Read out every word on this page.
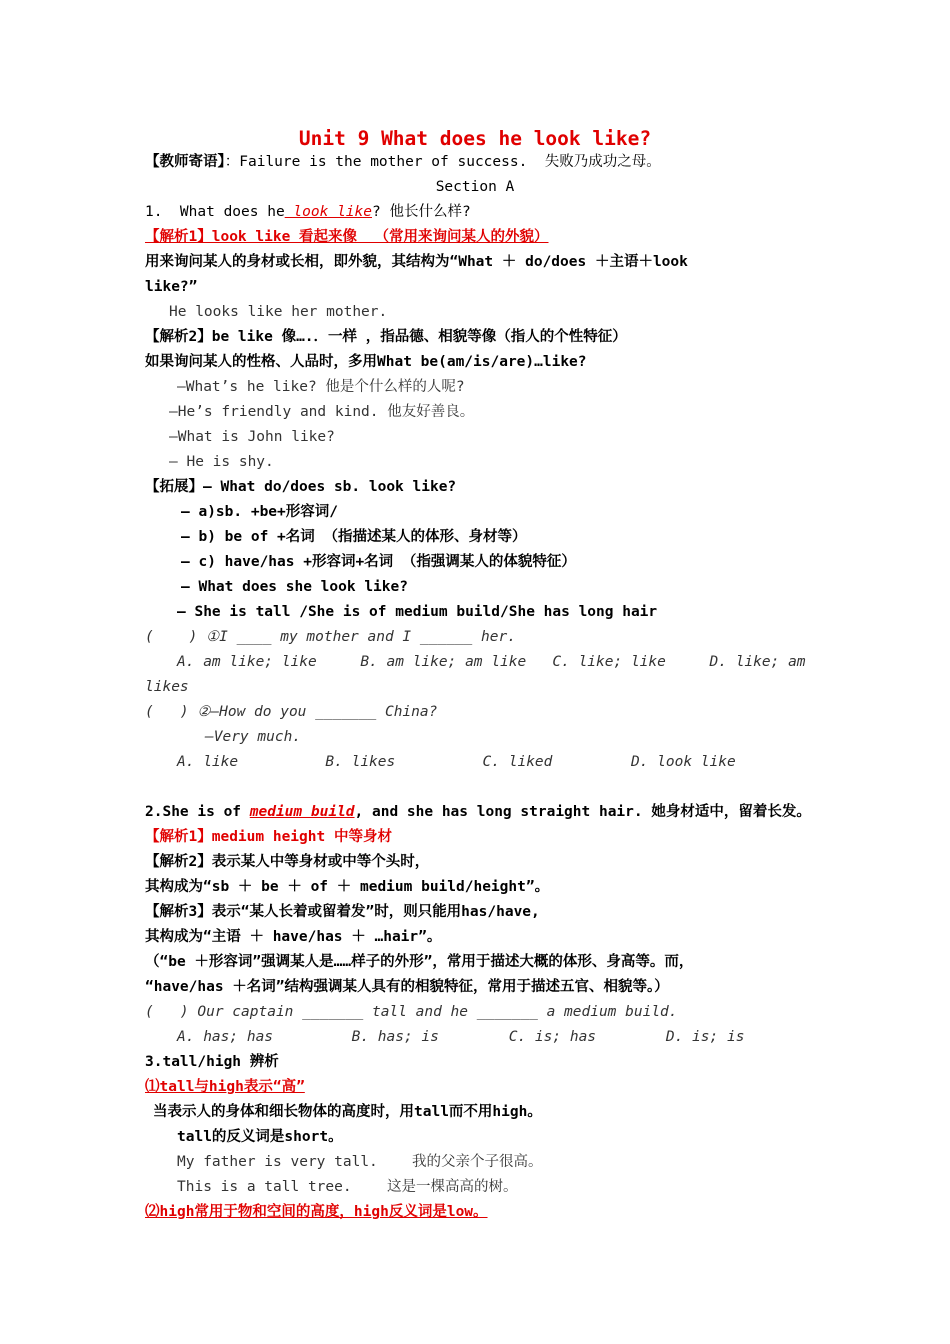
Unit 9 What does he look like?
【教师寄语】：Failure is the mother of success.  失败乃成功之母。
Section A
1.  What does he look like? 他长什么样?
【解析1】look like 看起来像  （常用来询问某人的外貌）
用来询问某人的身材或长相，即外貌，其结构为“What ＋ do/does ＋主语＋look
like?”
He looks like her mother.
【解析2】be like 像….．一样 ，指品德、相貌等像（指人的个性特征）
如果询问某人的性格、人品时，多用What be(am/is/are)…like?
—What’s he like? 他是个什么样的人呢?
—He’s friendly and kind. 他友好善良。
—What is John like?
— He is shy.
【拓展】— What do/does sb. look like?
— a)sb. +be+形容词/
— b) be of +名词 （指描述某人的体形、身材等）
— c) have/has +形容词+名词 （指强调某人的体貌特征）
— What does she look like?
— She is tall /She is of medium build/She has long hair
(    ) ①I ____ my mother and I ______ her.
A. am like; like     B. am like; am like   C. like; like     D. like; am
likes
(   ) ②—How do you _______ China?
—Very much.
A. like          B. likes          C. liked         D. look like
2.She is of medium build, and she has long straight hair. 她身材适中，留着长发。
【解析1】medium height 中等身材
【解析2】表示某人中等身材或中等个头时，
其构成为“sb ＋ be ＋ of ＋ medium build/height”。
【解析3】表示“某人长着或留着发”时，则只能用has/have,
其构成为“主语 ＋ have/has ＋ …hair”。
（“be ＋形容词”强调某人是……样子的外形”，常用于描述大概的体形、身高等。而，
“have/has ＋名词”结构强调某人具有的相貌特征，常用于描述五官、相貌等。）
(   ) Our captain _______ tall and he _______ a medium build.
A. has; has         B. has; is        C. is; has        D. is; is
3.tall/high 辨析
⑴tall与high表示“高”
当表示人的身体和细长物体的高度时，用tall而不用high。
tall的反义词是short。
My father is very tall. 我的父亲个子很高。
This is a tall tree. 这是一棵高高的树。
⑵high常用于物和空间的高度，high反义词是low。
